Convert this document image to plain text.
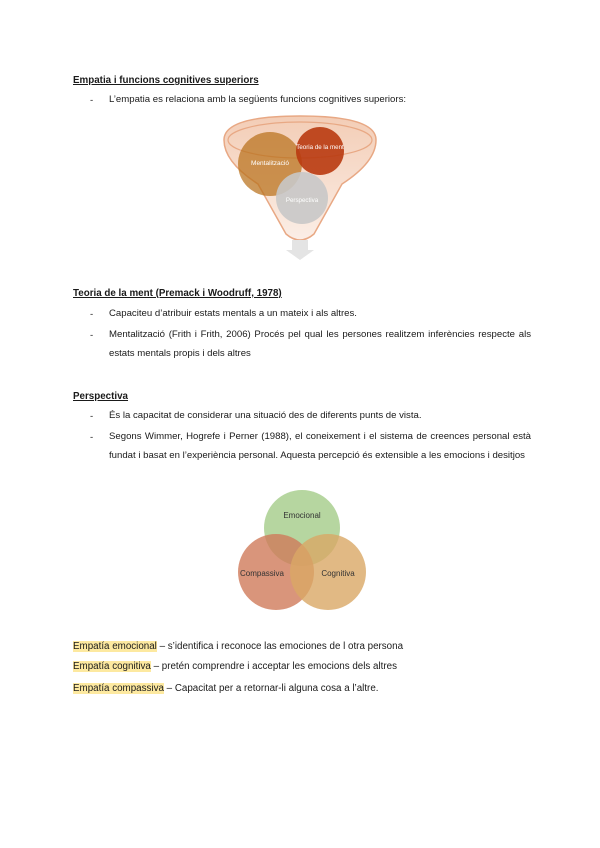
Empatia i funcions cognitives superiors
- L’empatia es relaciona amb la següents funcions cognitives superiors:
Mentalització
Teoria de la ment
Perspectiva
Teoria de la ment (Premack i Woodruff, 1978)
- Capaciteu d’atribuir estats mentals a un mateix i als altres.
- Mentalització (Frith i Frith, 2006) Procés pel qual les persones realitzem inferències respecte als estats mentals propis i dels altres
Perspectiva
- És la capacitat de considerar una situació des de diferents punts de vista.
- Segons Wimmer, Hogrefe i Perner (1988), el coneixement i el sistema de creences personal està fundat i basat en l’experiència personal. Aquesta percepció és extensible a les emocions i desitjos
Emocional
Compassiva	Cognitiva
Empatía emocional – s’identifica i reconoce las emociones de l otra persona
Empatía cognitiva – pretén comprendre i acceptar les emocions dels altres
Empatía compassiva – Capacitat per a retornar-li alguna cosa a l’altre.
